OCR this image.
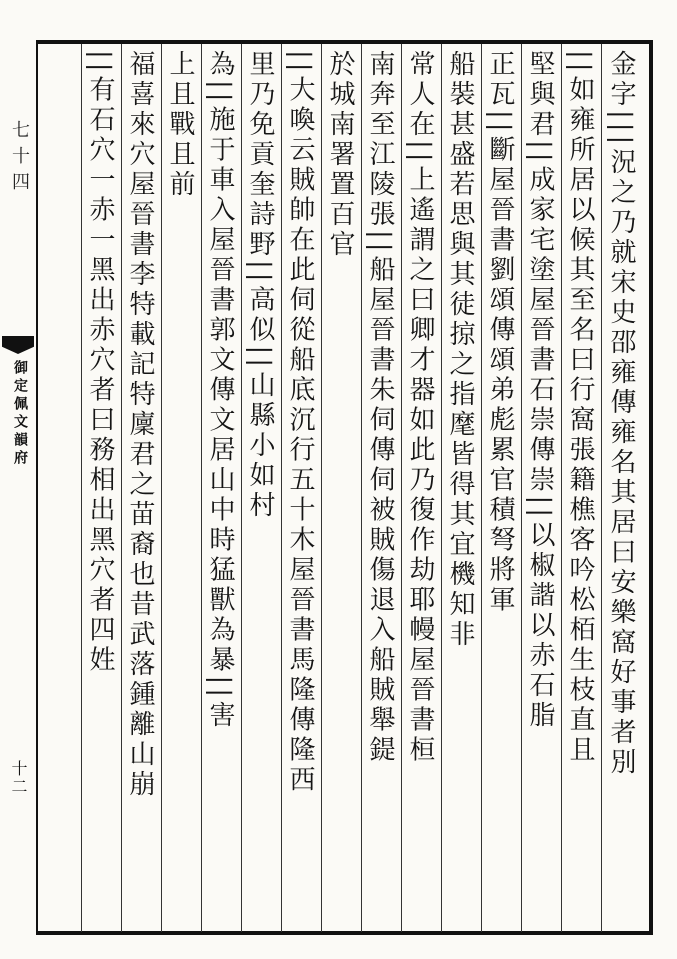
七十四
御定佩文韻府
十二	金字|||況之乃就宋史邵雍傳雍名其居曰安樂窩好事者別
||如雍所居以候其至名曰行窩張籍樵客吟松栢生枝直且
堅與君||成家宅塗屋晉書石崇傳崇||以椒諧以赤石脂
正瓦||斷屋晉書劉頌傳頌弟彪累官積弩將軍
船裝甚盛若思與其徒掠之指麾皆得其宜機知非
常人在||上遙謂之曰卿才器如此乃復作劫耶幔屋晉書桓
南奔至江陵張||船屋晉書朱伺傳伺被賊傷退入船賊舉鍉
於城南署置百官
||大喚云賊帥在此伺從船底沉行五十木屋晉書馬隆傳隆西
里乃免貢奎詩野||高似||山縣小如村
為||施于車入屋晉書郭文傳文居山中時猛獸為暴||害
上且戰且前
福喜來穴屋晉書李特載記特廩君之苗裔也昔武落鍾離山崩
||有石穴一赤一黑出赤穴者曰務相出黑穴者四姓
